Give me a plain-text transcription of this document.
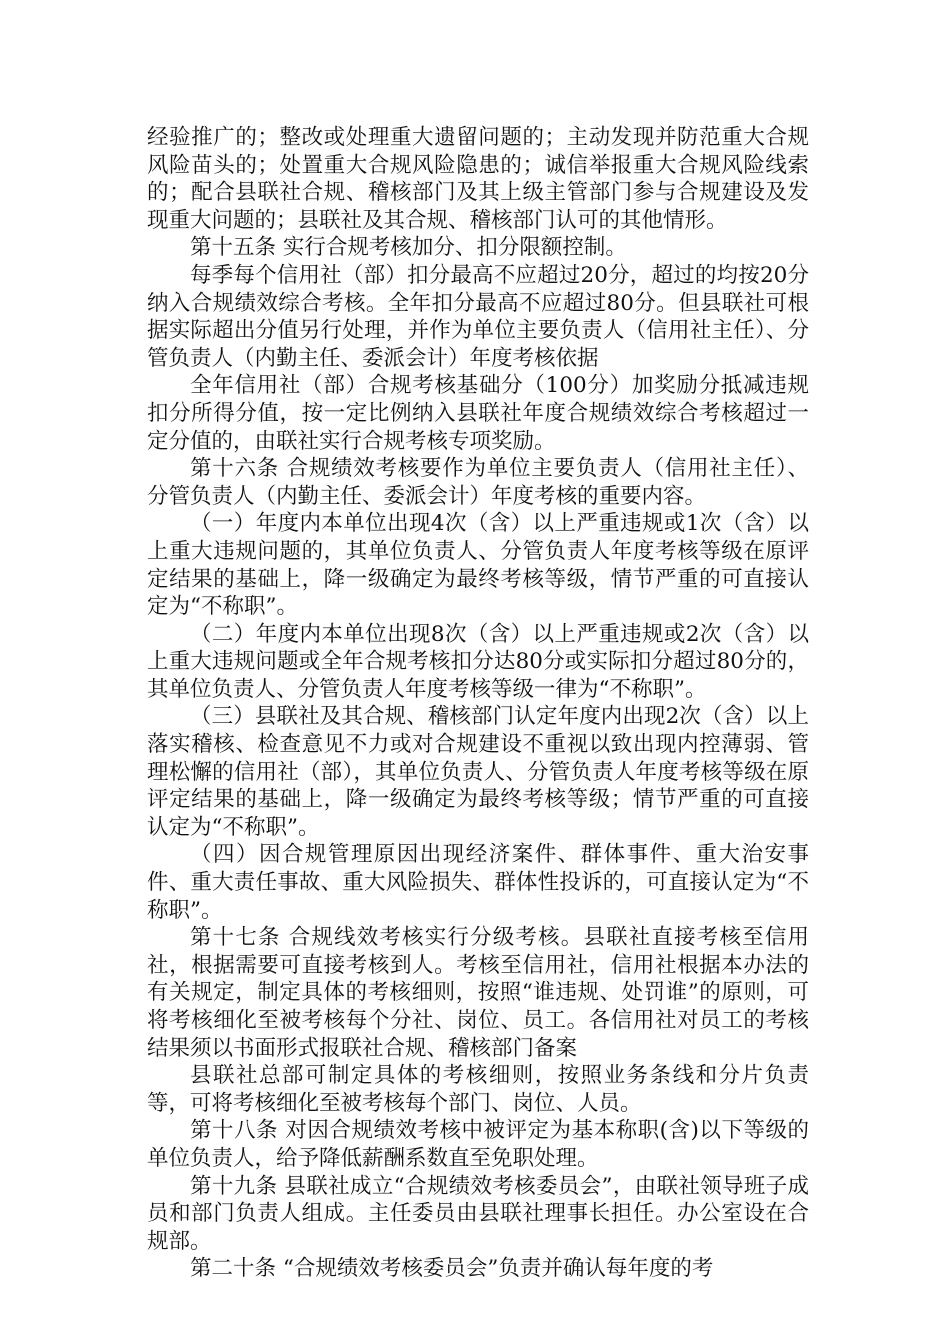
经验推广的；整改或处理重大遗留问题的；主动发现并防范重大合规风险苗头的；处置重大合规风险隐患的；诚信举报重大合规风险线索的；配合县联社合规、稽核部门及其上级主管部门参与合规建设及发现重大问题的；县联社及其合规、稽核部门认可的其他情形。

第十五条 实行合规考核加分、扣分限额控制。

每季每个信用社（部）扣分最高不应超过20分，超过的均按20分纳入合规绩效综合考核。全年扣分最高不应超过80分。但县联社可根据实际超出分值另行处理，并作为单位主要负责人（信用社主任）、分管负责人（内勤主任、委派会计）年度考核依据

全年信用社（部）合规考核基础分（100分）加奖励分抵减违规扣分所得分值，按一定比例纳入县联社年度合规绩效综合考核超过一定分值的，由联社实行合规考核专项奖励。

第十六条 合规绩效考核要作为单位主要负责人（信用社主任）、分管负责人（内勤主任、委派会计）年度考核的重要内容。

（一）年度内本单位出现4次（含）以上严重违规或1次（含）以上重大违规问题的，其单位负责人、分管负责人年度考核等级在原评定结果的基础上，降一级确定为最终考核等级，情节严重的可直接认定为“不称职”。

（二）年度内本单位出现8次（含）以上严重违规或2次（含）以上重大违规问题或全年合规考核扣分达80分或实际扣分超过80分的，其单位负责人、分管负责人年度考核等级一律为“不称职”。

（三）县联社及其合规、稽核部门认定年度内出现2次（含）以上落实稽核、检查意见不力或对合规建设不重视以致出现内控薄弱、管理松懈的信用社（部），其单位负责人、分管负责人年度考核等级在原评定结果的基础上，降一级确定为最终考核等级；情节严重的可直接认定为“不称职”。

（四）因合规管理原因出现经济案件、群体事件、重大治安事件、重大责任事故、重大风险损失、群体性投诉的，可直接认定为“不称职”。

第十七条 合规线效考核实行分级考核。县联社直接考核至信用社，根据需要可直接考核到人。考核至信用社，信用社根据本办法的有关规定，制定具体的考核细则，按照“谁违规、处罚谁”的原则，可将考核细化至被考核每个分社、岗位、员工。各信用社对员工的考核结果须以书面形式报联社合规、稽核部门备案

县联社总部可制定具体的考核细则，按照业务条线和分片负责等，可将考核细化至被考核每个部门、岗位、人员。

第十八条 对因合规绩效考核中被评定为基本称职(含)以下等级的单位负责人，给予降低薪酬系数直至免职处理。

第十九条 县联社成立“合规绩效考核委员会”，由联社领导班子成员和部门负责人组成。主任委员由县联社理事长担任。办公室设在合规部。

第二十条 “合规绩效考核委员会”负责并确认每年度的考
